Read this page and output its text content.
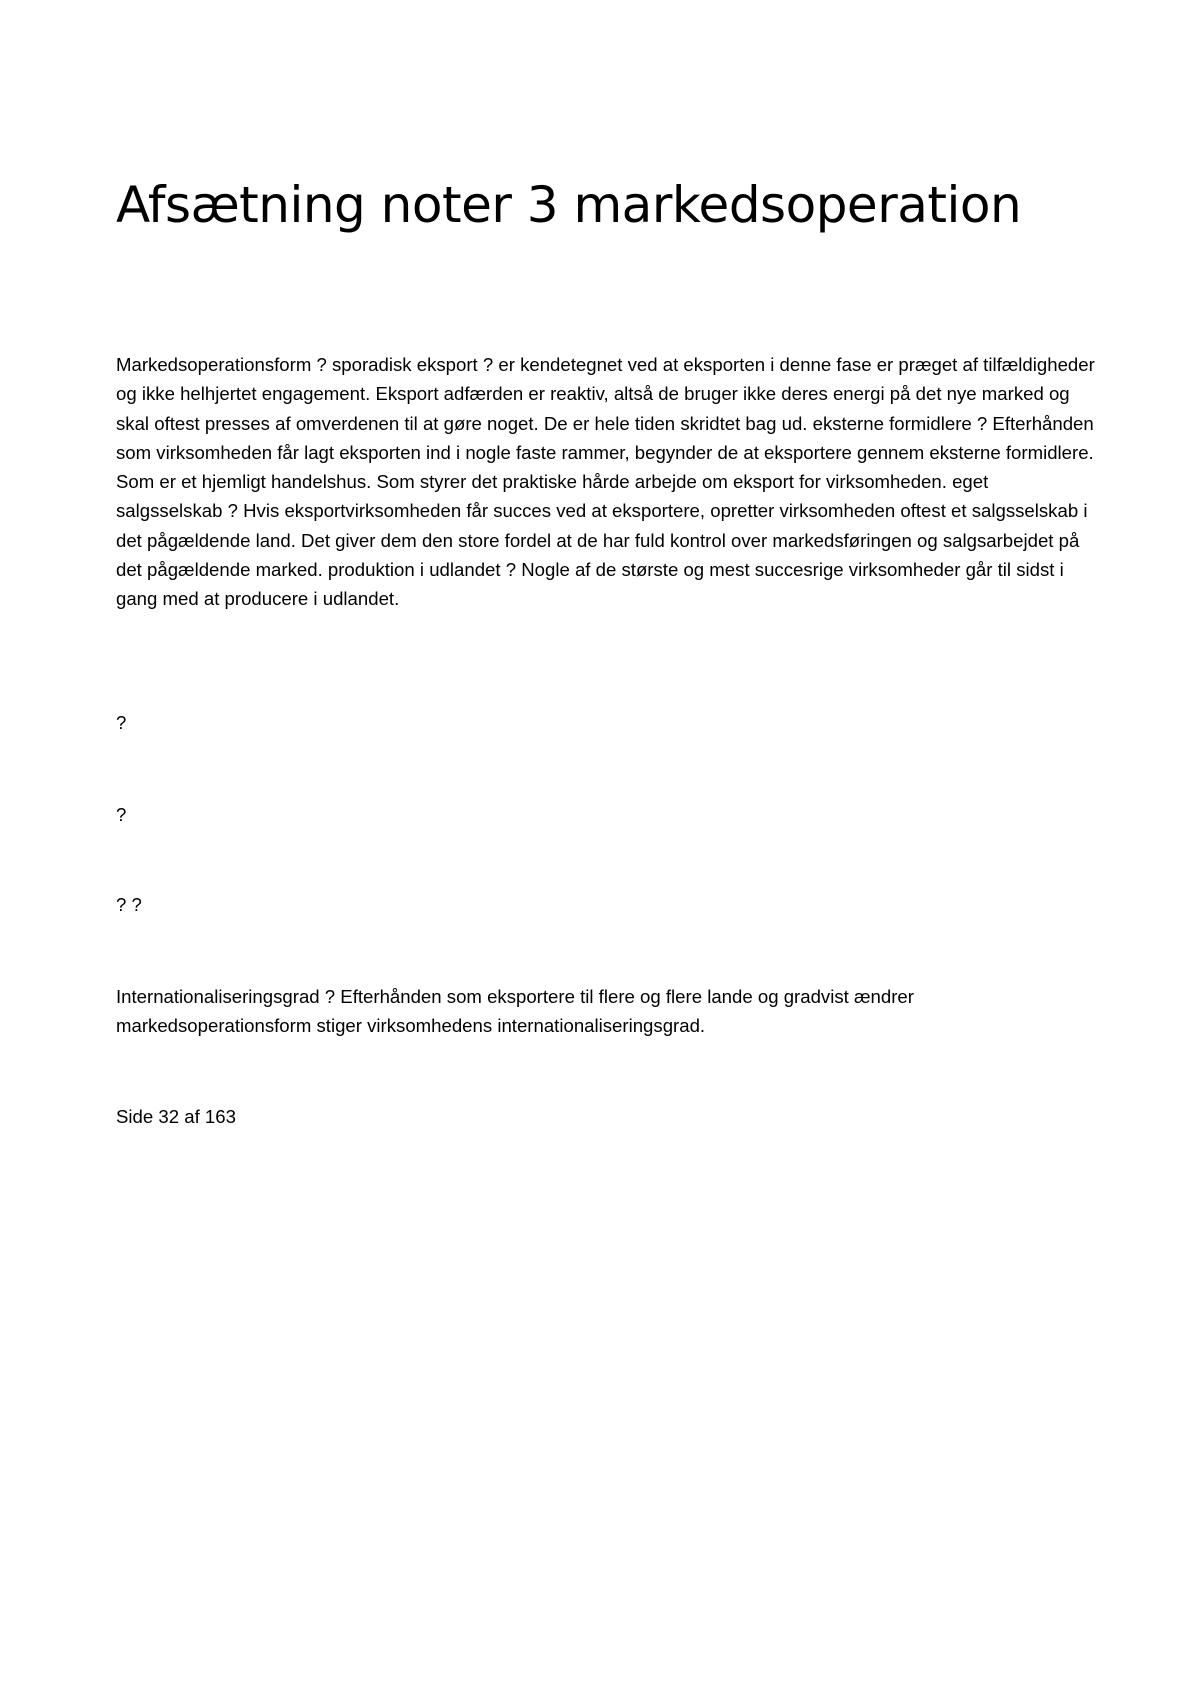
Afsætning noter 3 markedsoperation

Markedsoperationsform ? sporadisk eksport ? er kendetegnet ved at eksporten i denne fase er præget af tilfældigheder og ikke helhjertet engagement. Eksport adfærden er reaktiv, altså de bruger ikke deres energi på det nye marked og skal oftest presses af omverdenen til at gøre noget. De er hele tiden skridtet bag ud. eksterne formidlere ? Efterhånden som virksomheden får lagt eksporten ind i nogle faste rammer, begynder de at eksportere gennem eksterne formidlere. Som er et hjemligt handelshus. Som styrer det praktiske hårde arbejde om eksport for virksomheden. eget salgsselskab ? Hvis eksportvirksomheden får succes ved at eksportere, opretter virksomheden oftest et salgsselskab i det pågældende land. Det giver dem den store fordel at de har fuld kontrol over markedsføringen og salgsarbejdet på det pågældende marked. produktion i udlandet ? Nogle af de største og mest succesrige virksomheder går til sidst i gang med at producere i udlandet.

?

?

? ?

Internationaliseringsgrad ? Efterhånden som eksportere til flere og flere lande og gradvist ændrer markedsoperationsform stiger virksomhedens internationaliseringsgrad.

Side 32 af 163
